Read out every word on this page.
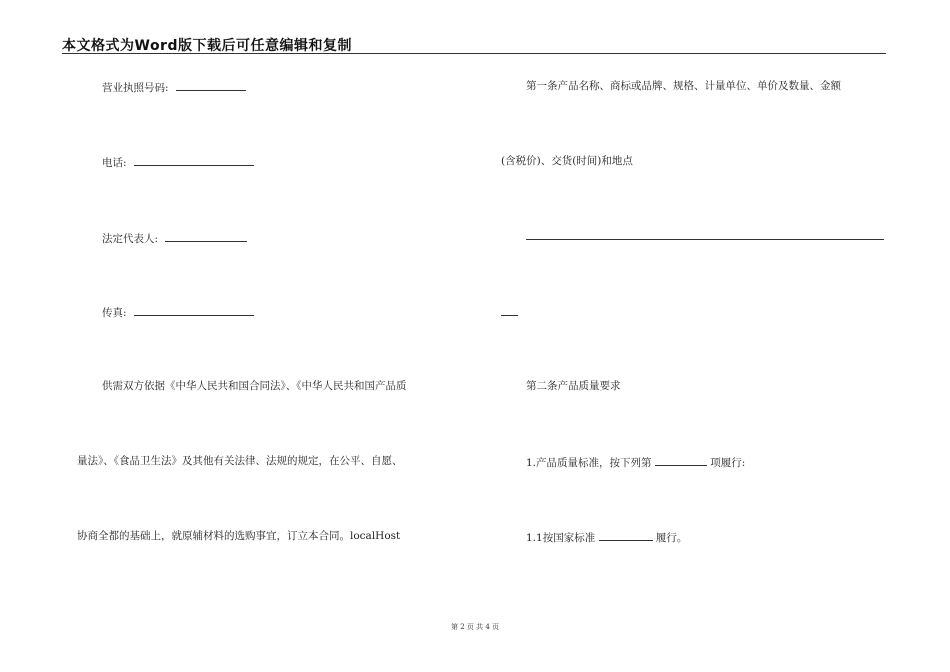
本文格式为Word版下载后可任意编辑和复制
营业执照号码:
电话:
法定代表人:
传真:
供需双方依据《中华人民共和国合同法》、《中华人民共和国产品质
量法》、《食品卫生法》及其他有关法律、法规的规定，在公平、自愿、
协商全都的基础上，就原辅材料的选购事宜，订立本合同。localHost
第一条产品名称、商标或品牌、规格、计量单位、单价及数量、金额
(含税价)、交货(时间)和地点
第二条产品质量要求
1.产品质量标准，按下列第	项履行:
1.1按国家标准	履行。
第 2 页 共 4 页
